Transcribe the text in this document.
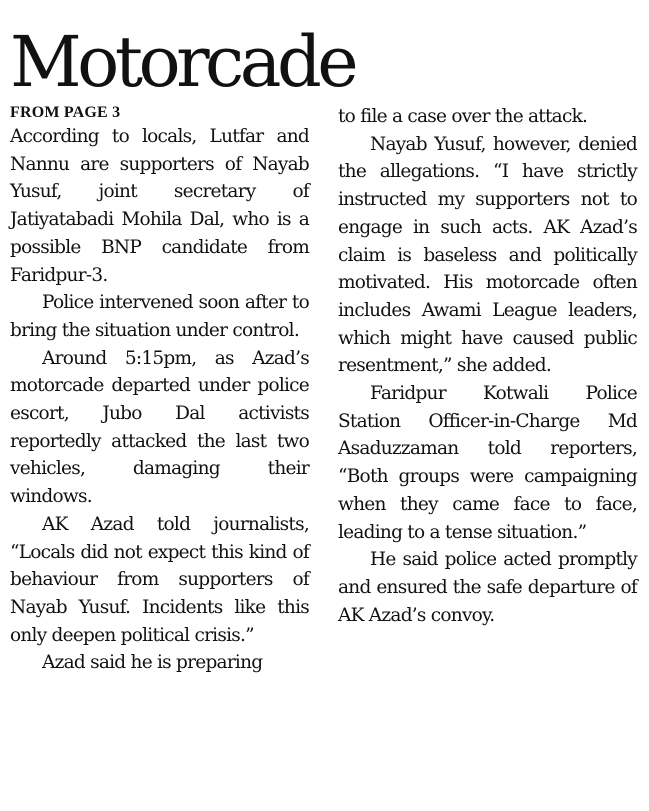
Motorcade

FROM PAGE 3

According to locals, Lutfar and Nannu are supporters of Nayab Yusuf, joint secretary of Jatiyatabadi Mohila Dal, who is a possible BNP candidate from Faridpur-3.

Police intervened soon after to bring the situation under control.

Around 5:15pm, as Azad’s motorcade departed under police escort, Jubo Dal activists reportedly attacked the last two vehicles, damaging their windows.

AK Azad told journalists, “Locals did not expect this kind of behaviour from supporters of Nayab Yusuf. Incidents like this only deepen political crisis.”

Azad said he is preparing

to file a case over the attack.

Nayab Yusuf, however, denied the allegations. “I have strictly instructed my supporters not to engage in such acts. AK Azad’s claim is baseless and politically motivated. His motorcade often includes Awami League leaders, which might have caused public resentment,” she added.

Faridpur Kotwali Police Station Officer-in-Charge Md Asaduzzaman told reporters, “Both groups were campaigning when they came face to face, leading to a tense situation.”

He said police acted promptly and ensured the safe departure of AK Azad’s convoy.
